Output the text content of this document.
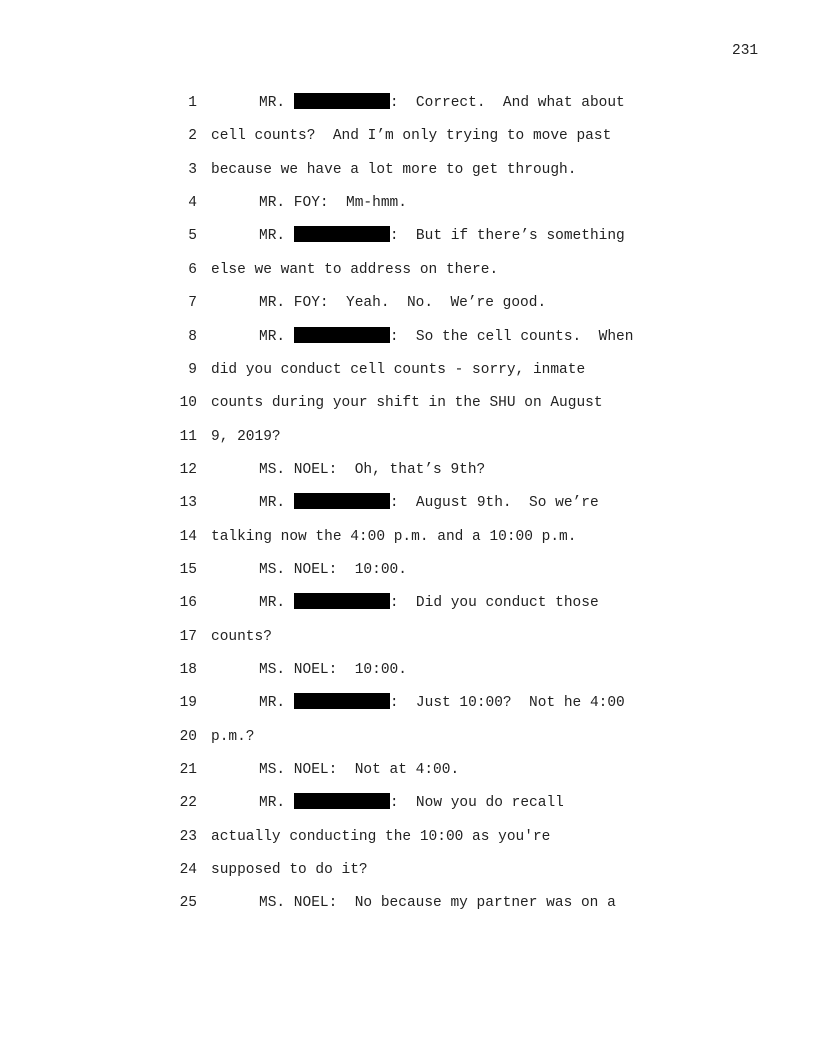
231
1	MR.	:  Correct.  And what about
2 cell counts?  And I’m only trying to move past
3 because we have a lot more to get through.
4	MR. FOY:  Mm-hmm.
5	MR.	:  But if there’s something
6 else we want to address on there.
7	MR. FOY:  Yeah.  No.  We’re good.
8	MR.	:  So the cell counts.  When
9 did you conduct cell counts - sorry, inmate
10 counts during your shift in the SHU on August
11 9, 2019?
12	MS. NOEL:  Oh, that’s 9th?
13	MR.	:  August 9th.  So we’re
14 talking now the 4:00 p.m. and a 10:00 p.m.
15	MS. NOEL:  10:00.
16	MR.	:  Did you conduct those
17 counts?
18	MS. NOEL:  10:00.
19	MR.	:  Just 10:00?  Not he 4:00
20 p.m.?
21	MS. NOEL:  Not at 4:00.
22	MR.	:  Now you do recall
23 actually conducting the 10:00 as you're
24 supposed to do it?
25	MS. NOEL:  No because my partner was on a
